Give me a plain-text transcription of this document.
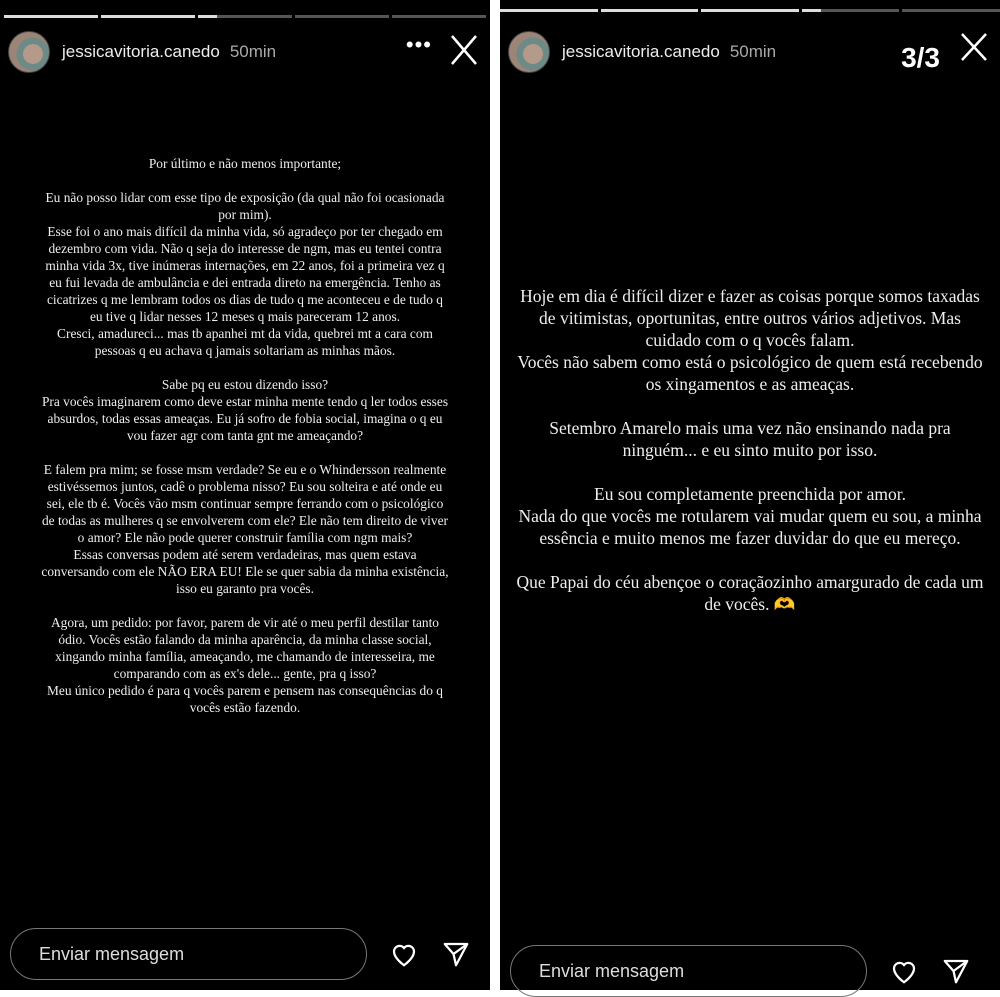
jessicavitoria.canedo 50min	•••

Por último e não menos importante;

Eu não posso lidar com esse tipo de exposição (da qual não foi ocasionada por mim).
Esse foi o ano mais difícil da minha vida, só agradeço por ter chegado em dezembro com vida. Não q seja do interesse de ngm, mas eu tentei contra minha vida 3x, tive inúmeras internações, em 22 anos, foi a primeira vez q eu fui levada de ambulância e dei entrada direto na emergência. Tenho as cicatrizes q me lembram todos os dias de tudo q me aconteceu e de tudo q eu tive q lidar nesses 12 meses q mais pareceram 12 anos.
Cresci, amadureci... mas tb apanhei mt da vida, quebrei mt a cara com pessoas q eu achava q jamais soltariam as minhas mãos.

Sabe pq eu estou dizendo isso?
Pra vocês imaginarem como deve estar minha mente tendo q ler todos esses absurdos, todas essas ameaças. Eu já sofro de fobia social, imagina o q eu vou fazer agr com tanta gnt me ameaçando?

E falem pra mim; se fosse msm verdade? Se eu e o Whindersson realmente estivéssemos juntos, cadê o problema nisso? Eu sou solteira e até onde eu sei, ele tb é. Vocês vão msm continuar sempre ferrando com o psicológico de todas as mulheres q se envolverem com ele? Ele não tem direito de viver o amor? Ele não pode querer construir família com ngm mais?
Essas conversas podem até serem verdadeiras, mas quem estava conversando com ele NÃO ERA EU! Ele se quer sabia da minha existência, isso eu garanto pra vocês.

Agora, um pedido: por favor, parem de vir até o meu perfil destilar tanto ódio. Vocês estão falando da minha aparência, da minha classe social, xingando minha família, ameaçando, me chamando de interesseira, me comparando com as ex's dele... gente, pra q isso?
Meu único pedido é para q vocês parem e pensem nas consequências do q vocês estão fazendo.

Enviar mensagem
jessicavitoria.canedo 50min	3/3

Hoje em dia é difícil dizer e fazer as coisas porque somos taxadas de vitimistas, oportunitas, entre outros vários adjetivos. Mas cuidado com o q vocês falam.
Vocês não sabem como está o psicológico de quem está recebendo os xingamentos e as ameaças.

Setembro Amarelo mais uma vez não ensinando nada pra ninguém... e eu sinto muito por isso.

Eu sou completamente preenchida por amor.
Nada do que vocês me rotularem vai mudar quem eu sou, a minha essência e muito menos me fazer duvidar do que eu mereço.

Que Papai do céu abençoe o coraçãozinho amargurado de cada um de vocês. 🫶

Enviar mensagem
